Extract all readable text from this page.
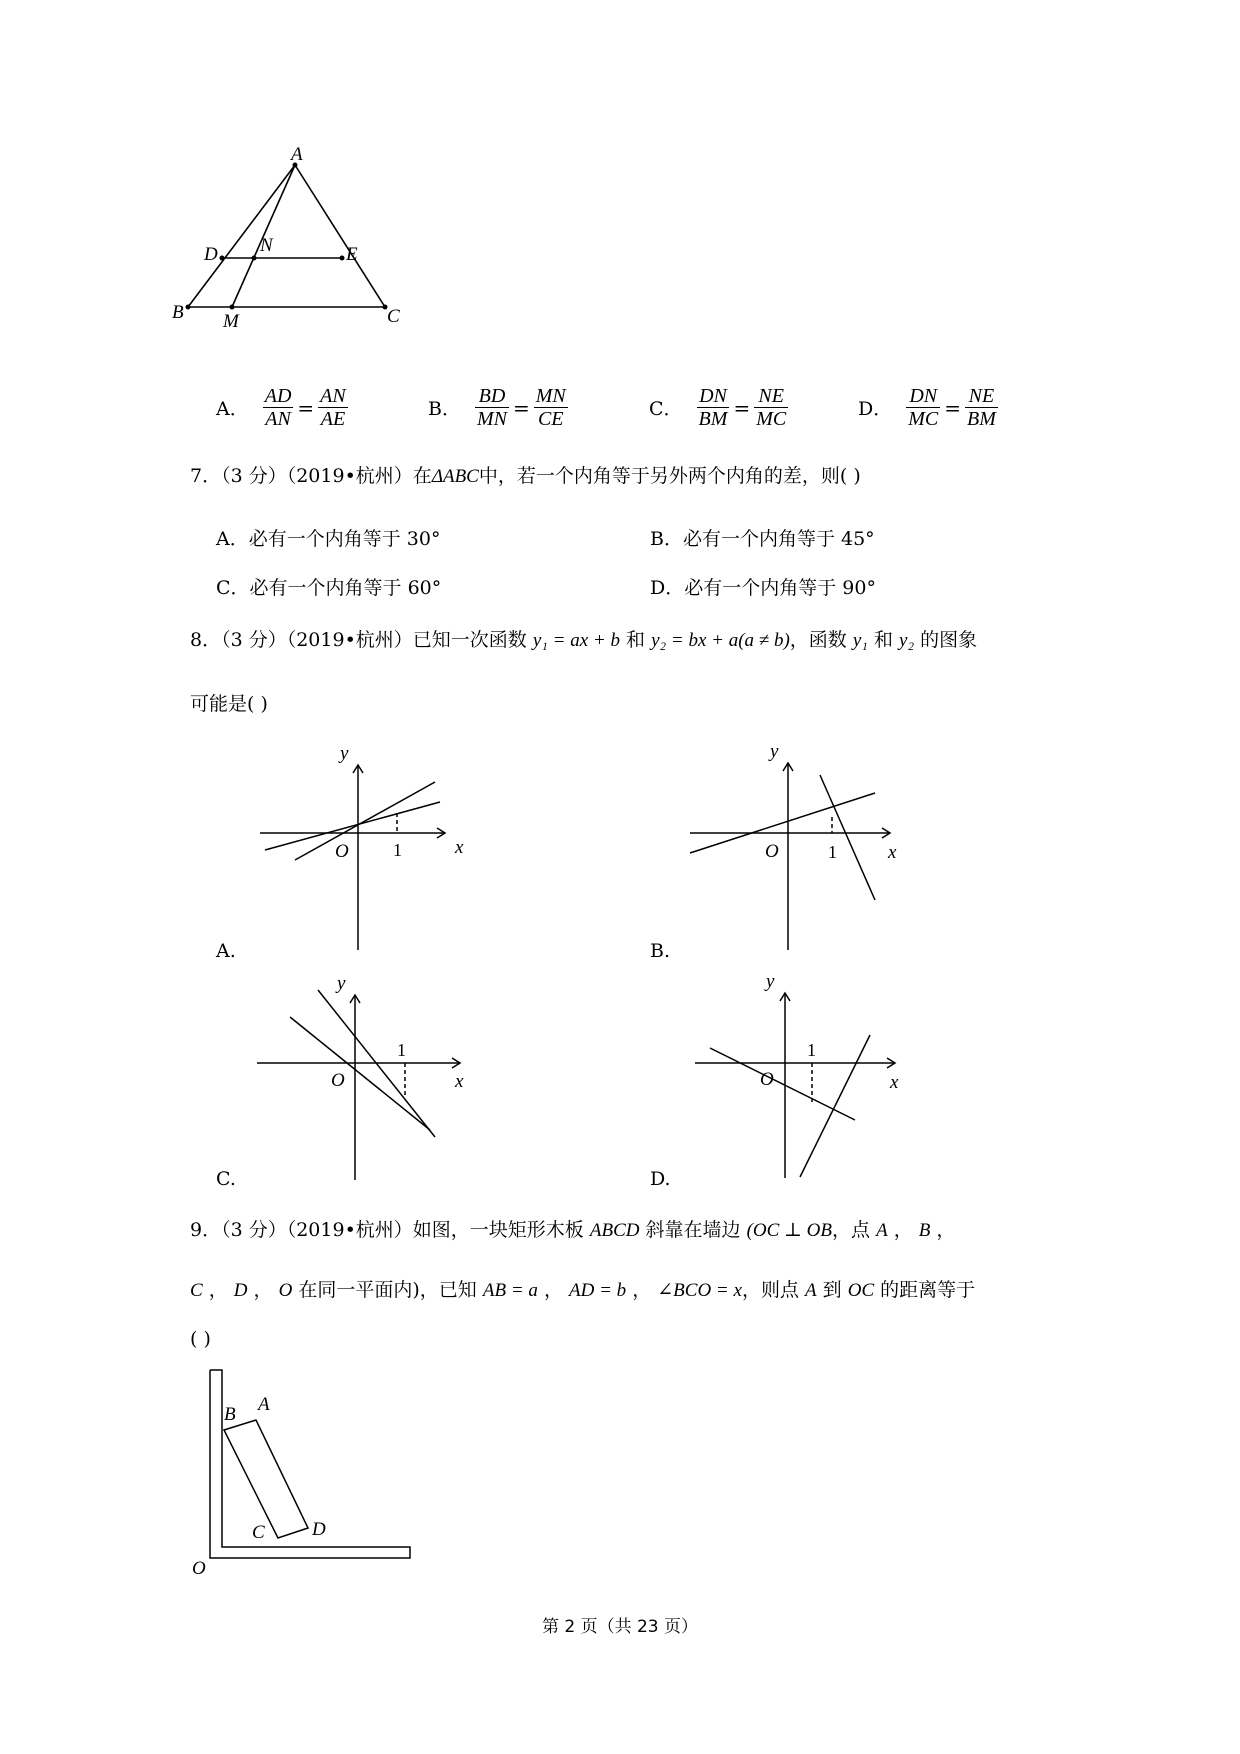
A
D N	E
B M	C
A． $\frac{AD}{AN} = \frac{AN}{AE}$	B． $\frac{BD}{MN} = \frac{MN}{CE}$	C． $\frac{DN}{BM} = \frac{NE}{MC}$	D． $\frac{DN}{MC} = \frac{NE}{BM}$
7．（3 分）（2019•杭州）在ΔABC中，若一个内角等于另外两个内角的差，则( )
A．必有一个内角等于 30°	B．必有一个内角等于 45°
C．必有一个内角等于 60°	D．必有一个内角等于 90°
8．（3 分）（2019•杭州）已知一次函数 y₁ = ax + b 和 y₂ = bx + a(a ≠ b)，函数 y₁ 和 y₂ 的图象
可能是( )
y
x
O 1
A.
y
x
O	1
B.
y
x
O
1
C.
y
x
O
1
D.
9．（3 分）（2019•杭州）如图，一块矩形木板 ABCD 斜靠在墙边 (OC ⊥ OB，点 A ， B ，
C ， D ， O 在同一平面内)，已知 AB = a ， AD = b ， ∠BCO = x，则点 A 到 OC 的距离等于
( )
B A
C D
O
第 2 页（共 23 页）
